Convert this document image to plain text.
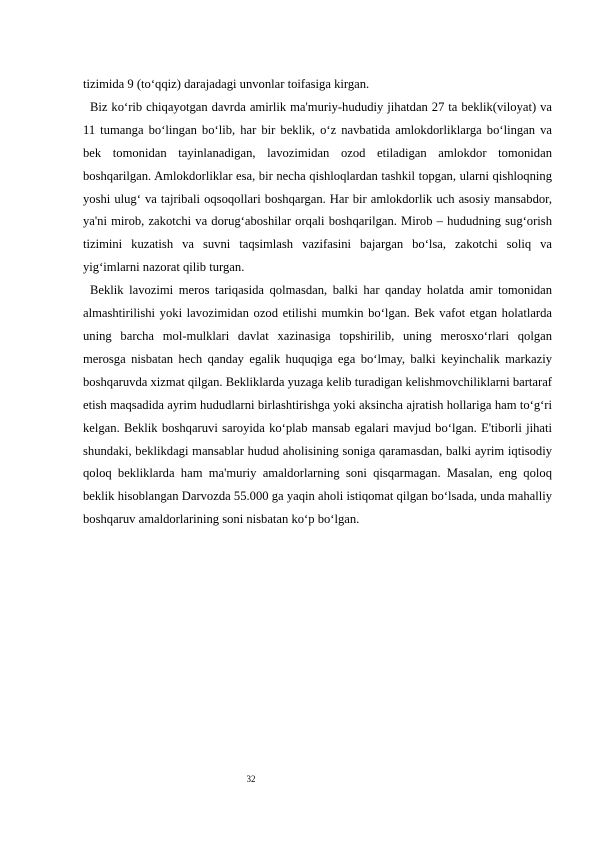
tizimida 9 (to‘qqiz) darajadagi unvonlar toifasiga kirgan.

Biz ko‘rib chiqayotgan davrda amirlik ma'muriy-hududiy jihatdan 27 ta beklik(viloyat) va 11 tumanga bo‘lingan bo‘lib, har bir beklik, o‘z navbatida amlokdorliklarga bo‘lingan va bek tomonidan tayinlanadigan, lavozimidan ozod etiladigan amlokdor tomonidan boshqarilgan. Amlokdorliklar esa, bir necha qishloqlardan tashkil topgan, ularni qishloqning yoshi ulug‘ va tajribali oqsoqollari boshqargan. Har bir amlokdorlik uch asosiy mansabdor, ya'ni mirob, zakotchi va dorug‘aboshilar orqali boshqarilgan. Mirob – hududning sug‘orish tizimini kuzatish va suvni taqsimlash vazifasini bajargan bo‘lsa, zakotchi soliq va yig‘imlarni nazorat qilib turgan.

Beklik lavozimi meros tariqasida qolmasdan, balki har qanday holatda amir tomonidan almashtirilishi yoki lavozimidan ozod etilishi mumkin bo‘lgan. Bek vafot etgan holatlarda uning barcha mol-mulklari davlat xazinasiga topshirilib, uning merosxo‘rlari qolgan merosga nisbatan hech qanday egalik huquqiga ega bo‘lmay, balki keyinchalik markaziy boshqaruvda xizmat qilgan. Bekliklarda yuzaga kelib turadigan kelishmovchiliklarni bartaraf etish maqsadida ayrim hududlarni birlashtirishga yoki aksincha ajratish hollariga ham to‘g‘ri kelgan. Beklik boshqaruvi saroyida ko‘plab mansab egalari mavjud bo‘lgan. E'tiborli jihati shundaki, beklikdagi mansablar hudud aholisining soniga qaramasdan, balki ayrim iqtisodiy qoloq bekliklarda ham ma'muriy amaldorlarning soni qisqarmagan. Masalan, eng qoloq beklik hisoblangan Darvozda 55.000 ga yaqin aholi istiqomat qilgan bo‘lsada, unda mahalliy boshqaruv amaldorlarining soni nisbatan ko‘p bo‘lgan.

32
